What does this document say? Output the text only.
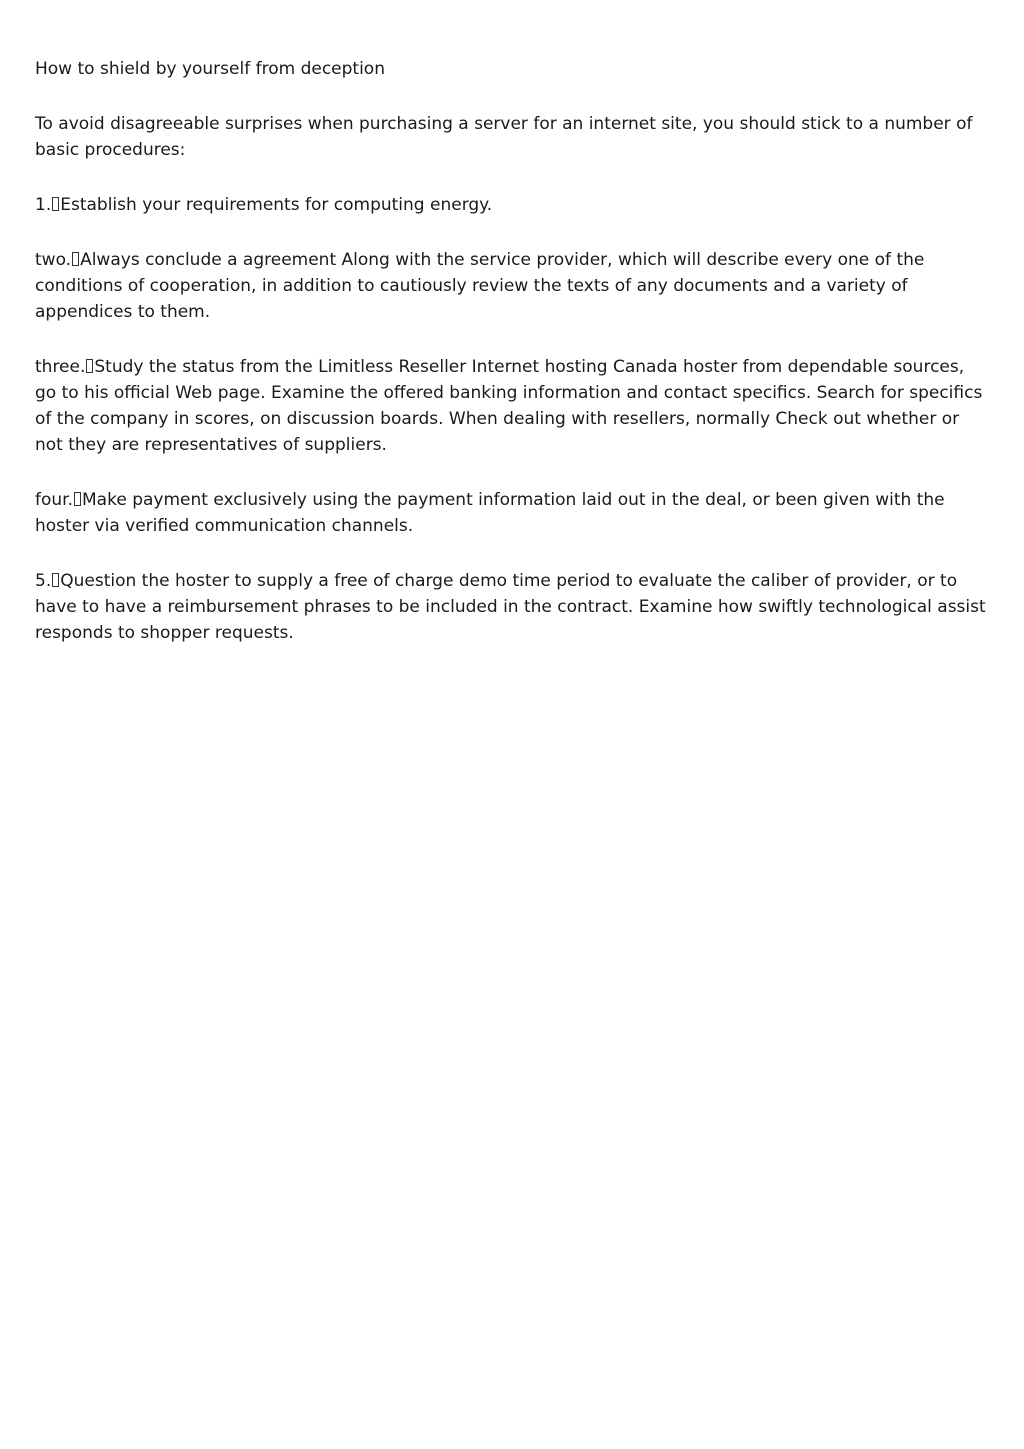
How to shield by yourself from deception

To avoid disagreeable surprises when purchasing a server for an internet site, you should stick to a number of basic procedures:

1. Establish your requirements for computing energy.

two. Always conclude a agreement Along with the service provider, which will describe every one of the conditions of cooperation, in addition to cautiously review the texts of any documents and a variety of appendices to them.

three. Study the status from the Limitless Reseller Internet hosting Canada hoster from dependable sources, go to his official Web page. Examine the offered banking information and contact specifics. Search for specifics of the company in scores, on discussion boards. When dealing with resellers, normally Check out whether or not they are representatives of suppliers.

four. Make payment exclusively using the payment information laid out in the deal, or been given with the hoster via verified communication channels.

5. Question the hoster to supply a free of charge demo time period to evaluate the caliber of provider, or to have to have a reimbursement phrases to be included in the contract. Examine how swiftly technological assist responds to shopper requests.
